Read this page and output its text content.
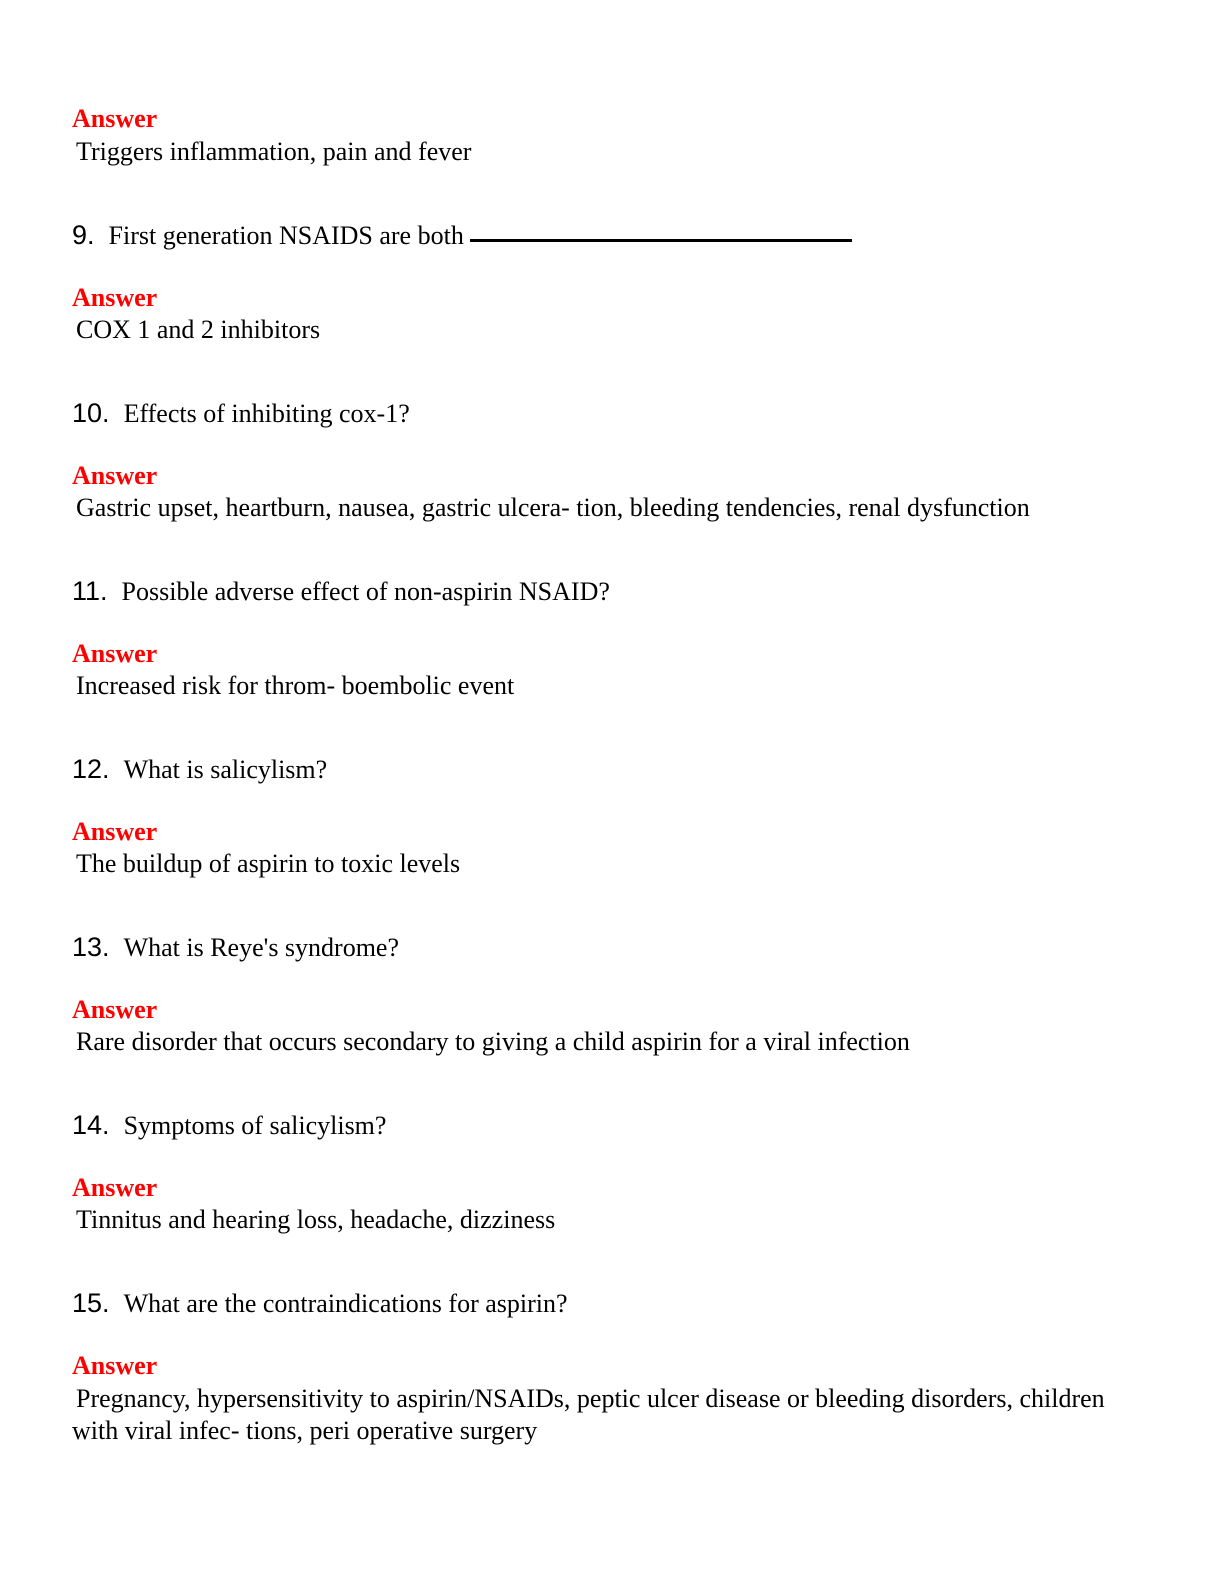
Answer
Triggers inflammation, pain and fever
9 . First generation NSAIDS are both
Answer
COX 1 and 2 inhibitors
10 . Effects of inhibiting cox-1?
Answer
Gastric upset, heartburn, nausea, gastric ulcera- tion, bleeding tendencies, renal dysfunction
11 . Possible adverse effect of non-aspirin NSAID?
Answer
Increased risk for throm- boembolic event
12 . What is salicylism?
Answer
The buildup of aspirin to toxic levels
13 . What is Reye's syndrome?
Answer
Rare disorder that occurs secondary to giving a child aspirin for a viral infection
14 . Symptoms of salicylism?
Answer
Tinnitus and hearing loss, headache, dizziness
15 . What are the contraindications for aspirin?
Answer
Pregnancy, hypersensitivity to aspirin/NSAIDs, peptic ulcer disease or bleeding disorders, children with viral infec- tions, peri operative surgery
